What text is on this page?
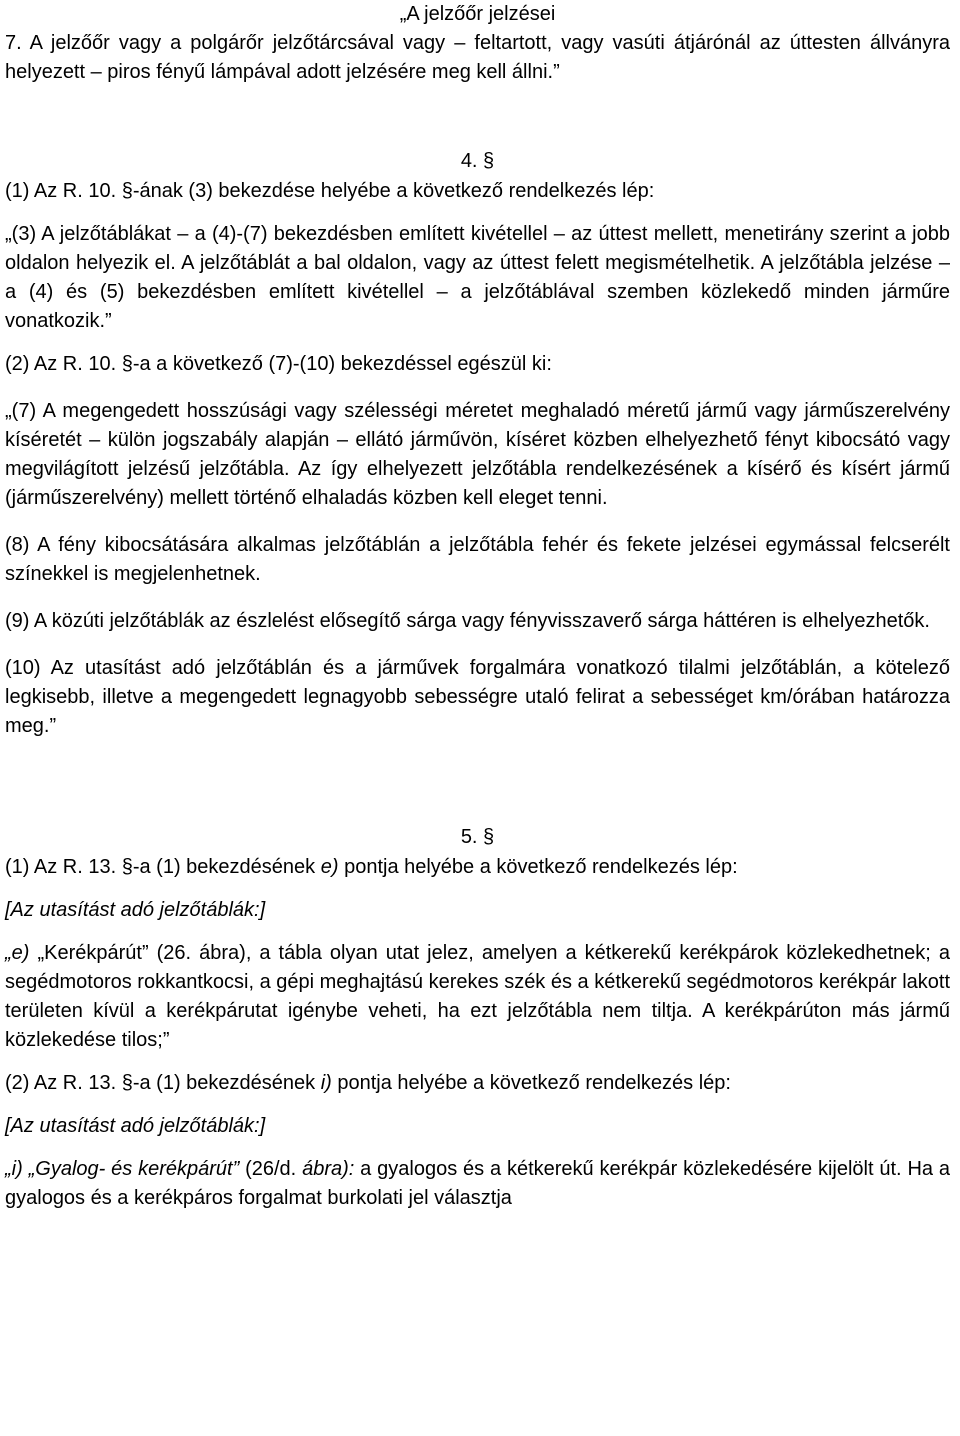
„A jelzőőr jelzései

7. A jelzőőr vagy a polgárőr jelzőtárcsával vagy – feltartott, vagy vasúti átjárónál az úttesten állványra helyezett – piros fényű lámpával adott jelzésére meg kell állni.”

4. §

(1) Az R. 10. §-ának (3) bekezdése helyébe a következő rendelkezés lép:

„(3) A jelzőtáblákat – a (4)-(7) bekezdésben említett kivétellel – az úttest mellett, menetirány szerint a jobb oldalon helyezik el. A jelzőtáblát a bal oldalon, vagy az úttest felett megismételhetik. A jelzőtábla jelzése – a (4) és (5) bekezdésben említett kivétellel – a jelzőtáblával szemben közlekedő minden járműre vonatkozik.”

(2) Az R. 10. §-a a következő (7)-(10) bekezdéssel egészül ki:

„(7) A megengedett hosszúsági vagy szélességi méretet meghaladó méretű jármű vagy járműszerelvény kíséretét – külön jogszabály alapján – ellátó járművön, kíséret közben elhelyezhető fényt kibocsátó vagy megvilágított jelzésű jelzőtábla. Az így elhelyezett jelzőtábla rendelkezésének a kísérő és kísért jármű (járműszerelvény) mellett történő elhaladás közben kell eleget tenni.

(8) A fény kibocsátására alkalmas jelzőtáblán a jelzőtábla fehér és fekete jelzései egymással felcserélt színekkel is megjelenhetnek.

(9) A közúti jelzőtáblák az észlelést elősegítő sárga vagy fényvisszaverő sárga háttéren is elhelyezhetők.

(10) Az utasítást adó jelzőtáblán és a járművek forgalmára vonatkozó tilalmi jelzőtáblán, a kötelező legkisebb, illetve a megengedett legnagyobb sebességre utaló felirat a sebességet km/órában határozza meg.”

5. §

(1) Az R. 13. §-a (1) bekezdésének e) pontja helyébe a következő rendelkezés lép:

[Az utasítást adó jelzőtáblák:]

„e) „Kerékpárút” (26. ábra), a tábla olyan utat jelez, amelyen a kétkerekű kerékpárok közlekedhetnek; a segédmotoros rokkantkocsi, a gépi meghajtású kerekes szék és a kétkerekű segédmotoros kerékpár lakott területen kívül a kerékpárutat igénybe veheti, ha ezt jelzőtábla nem tiltja. A kerékpárúton más jármű közlekedése tilos;”

(2) Az R. 13. §-a (1) bekezdésének i) pontja helyébe a következő rendelkezés lép:

[Az utasítást adó jelzőtáblák:]

„i) „Gyalog- és kerékpárút” (26/d. ábra): a gyalogos és a kétkerekű kerékpár közlekedésére kijelölt út. Ha a gyalogos és a kerékpáros forgalmat burkolati jel választja
